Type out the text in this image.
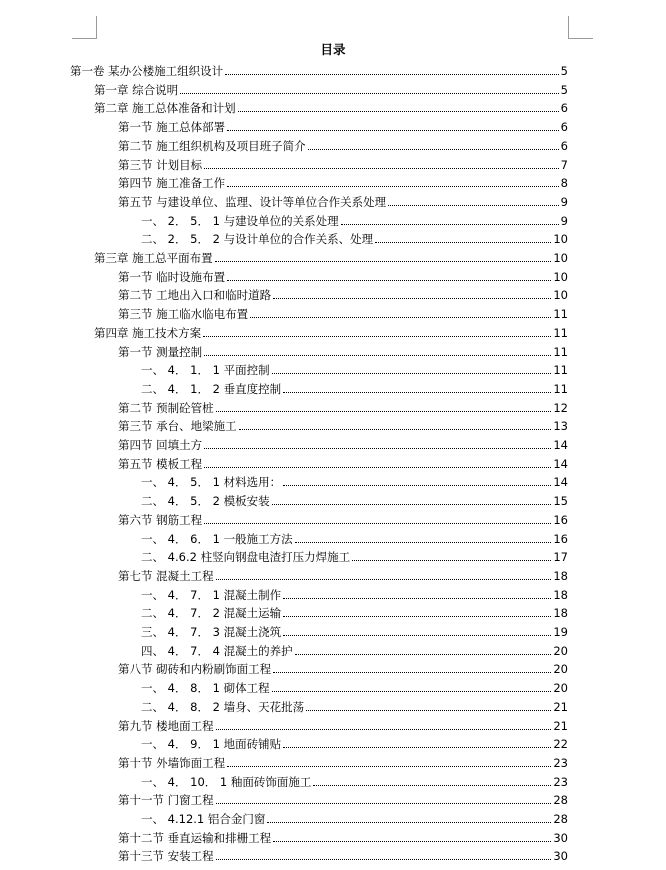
目录
第一卷 某办公楼施工组织设计	5
第一章 综合说明	5
第二章 施工总体准备和计划	6
第一节 施工总体部署	6
第二节 施工组织机构及项目班子简介	6
第三节 计划目标	7
第四节 施工准备工作	8
第五节 与建设单位、监理、设计等单位合作关系处理	9
一、 2． 5． 1 与建设单位的关系处理	9
二、 2． 5． 2 与设计单位的合作关系、处理	10
第三章 施工总平面布置	10
第一节 临时设施布置	10
第二节 工地出入口和临时道路	10
第三节 施工临水临电布置	11
第四章 施工技术方案	11
第一节 测量控制	11
一、 4． 1． 1 平面控制	11
二、 4． 1． 2 垂直度控制	11
第二节 预制砼管桩	12
第三节 承台、地梁施工	13
第四节 回填土方	14
第五节 模板工程	14
一、 4． 5． 1 材料选用：	14
二、 4． 5． 2 模板安装	15
第六节 钢筋工程	16
一、 4． 6． 1 一般施工方法	16
二、 4.6.2 柱竖向钢盘电渣打压力焊施工	17
第七节 混凝土工程	18
一、 4． 7． 1 混凝土制作	18
二、 4． 7． 2 混凝土运输	18
三、 4． 7． 3 混凝土浇筑	19
四、 4． 7． 4 混凝土的养护	20
第八节 砌砖和内粉刷饰面工程	20
一、 4． 8． 1 砌体工程	20
二、 4． 8． 2 墙身、天花批荡	21
第九节 楼地面工程	21
一、 4． 9． 1 地面砖铺贴	22
第十节 外墙饰面工程	23
一、 4． 10． 1 釉面砖饰面施工	23
第十一节 门窗工程	28
一、 4.12.1 铝合金门窗	28
第十二节 垂直运输和排栅工程	30
第十三节 安装工程	30
